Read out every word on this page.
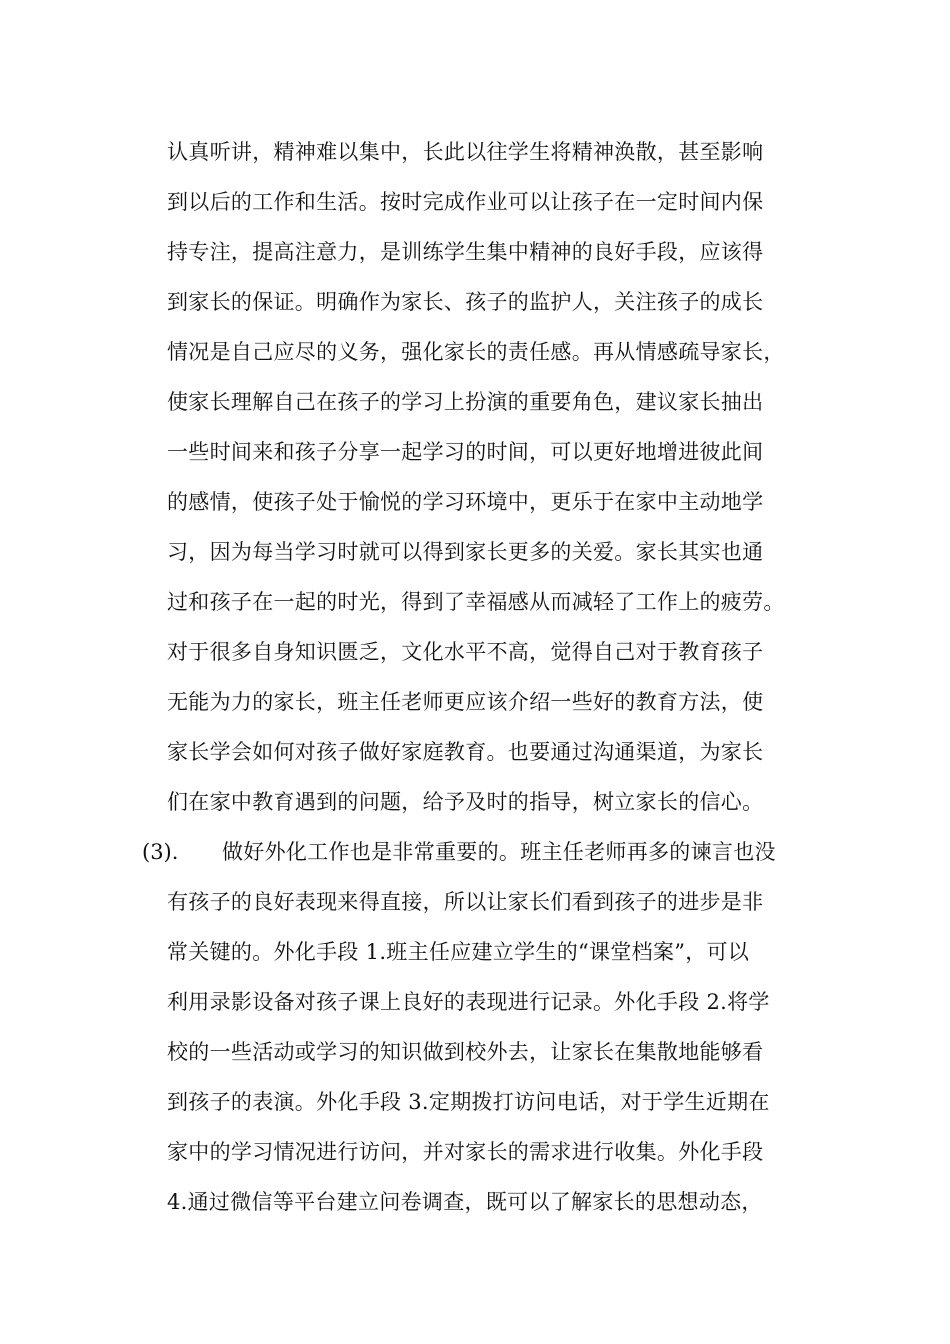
认真听讲，精神难以集中，长此以往学生将精神涣散，甚至影响
到以后的工作和生活。按时完成作业可以让孩子在一定时间内保
持专注，提高注意力，是训练学生集中精神的良好手段，应该得
到家长的保证。明确作为家长、孩子的监护人，关注孩子的成长
情况是自己应尽的义务，强化家长的责任感。再从情感疏导家长，
使家长理解自己在孩子的学习上扮演的重要角色，建议家长抽出
一些时间来和孩子分享一起学习的时间，可以更好地增进彼此间
的感情，使孩子处于愉悦的学习环境中，更乐于在家中主动地学
习，因为每当学习时就可以得到家长更多的关爱。家长其实也通
过和孩子在一起的时光，得到了幸福感从而减轻了工作上的疲劳。
对于很多自身知识匮乏，文化水平不高，觉得自己对于教育孩子
无能为力的家长，班主任老师更应该介绍一些好的教育方法，使
家长学会如何对孩子做好家庭教育。也要通过沟通渠道，为家长
们在家中教育遇到的问题，给予及时的指导，树立家长的信心。
(3). 做好外化工作也是非常重要的。班主任老师再多的谏言也没
有孩子的良好表现来得直接，所以让家长们看到孩子的进步是非
常关键的。外化手段 1.班主任应建立学生的“课堂档案”，可以
利用录影设备对孩子课上良好的表现进行记录。外化手段 2.将学
校的一些活动或学习的知识做到校外去，让家长在集散地能够看
到孩子的表演。外化手段 3.定期拨打访问电话，对于学生近期在
家中的学习情况进行访问，并对家长的需求进行收集。外化手段
4.通过微信等平台建立问卷调查，既可以了解家长的思想动态，
